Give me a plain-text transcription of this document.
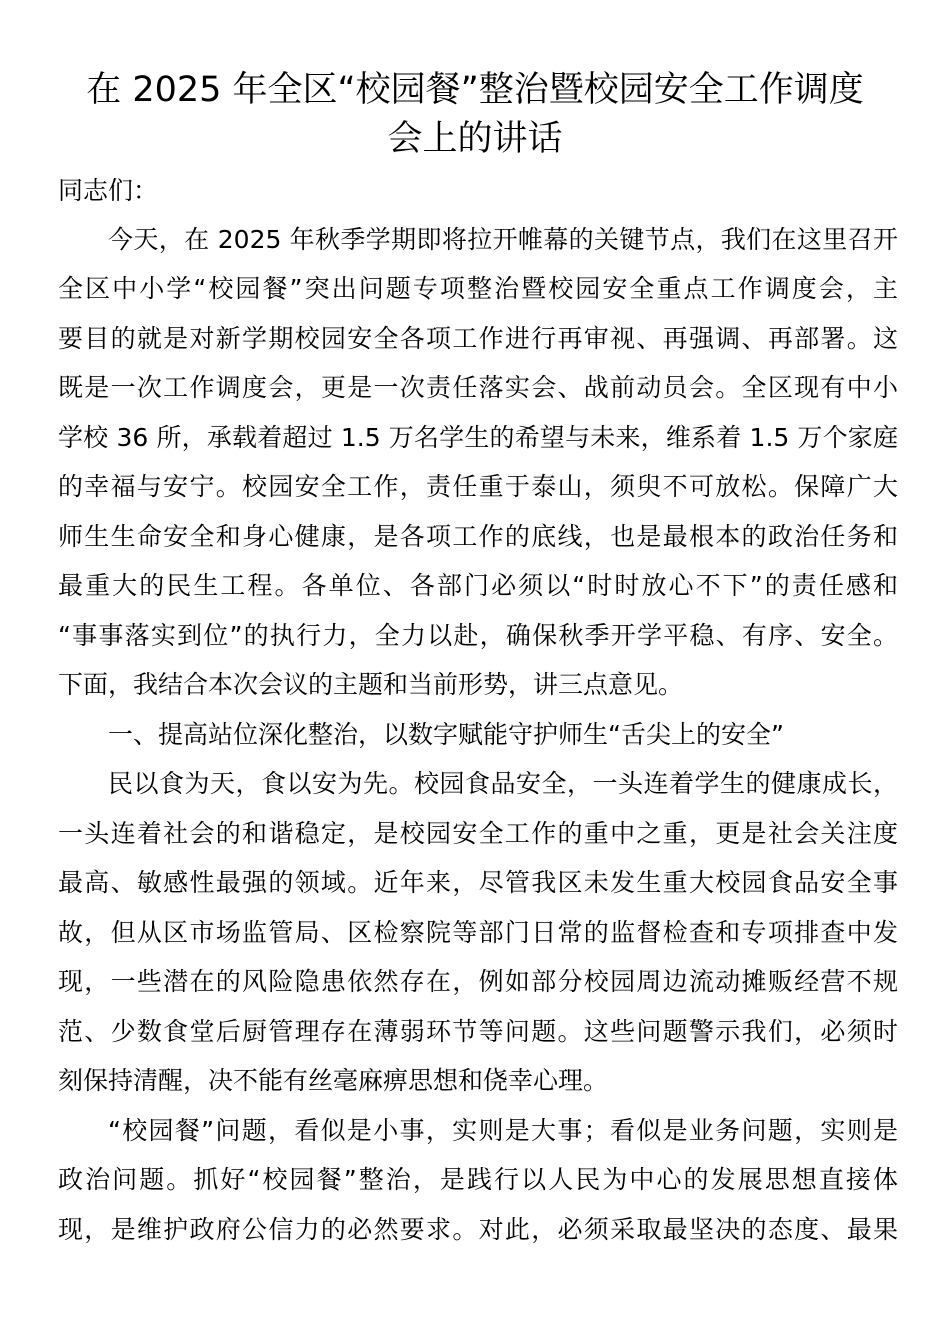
在 2025 年全区“校园餐”整治暨校园安全工作调度
会上的讲话

同志们：

今天，在 2025 年秋季学期即将拉开帷幕的关键节点，我们在这里召开

全区中小学“校园餐”突出问题专项整治暨校园安全重点工作调度会，主

要目的就是对新学期校园安全各项工作进行再审视、再强调、再部署。这

既是一次工作调度会，更是一次责任落实会、战前动员会。全区现有中小

学校 36 所，承载着超过 1.5 万名学生的希望与未来，维系着 1.5 万个家庭

的幸福与安宁。校园安全工作，责任重于泰山，须臾不可放松。保障广大

师生生命安全和身心健康，是各项工作的底线，也是最根本的政治任务和

最重大的民生工程。各单位、各部门必须以“时时放心不下”的责任感和

“事事落实到位”的执行力，全力以赴，确保秋季开学平稳、有序、安全。

下面，我结合本次会议的主题和当前形势，讲三点意见。

一、提高站位深化整治，以数字赋能守护师生“舌尖上的安全”

民以食为天，食以安为先。校园食品安全，一头连着学生的健康成长，

一头连着社会的和谐稳定，是校园安全工作的重中之重，更是社会关注度

最高、敏感性最强的领域。近年来，尽管我区未发生重大校园食品安全事

故，但从区市场监管局、区检察院等部门日常的监督检查和专项排查中发

现，一些潜在的风险隐患依然存在，例如部分校园周边流动摊贩经营不规

范、少数食堂后厨管理存在薄弱环节等问题。这些问题警示我们，必须时

刻保持清醒，决不能有丝毫麻痹思想和侥幸心理。

“校园餐”问题，看似是小事，实则是大事；看似是业务问题，实则是

政治问题。抓好“校园餐”整治，是践行以人民为中心的发展思想直接体

现，是维护政府公信力的必然要求。对此，必须采取最坚决的态度、最果
